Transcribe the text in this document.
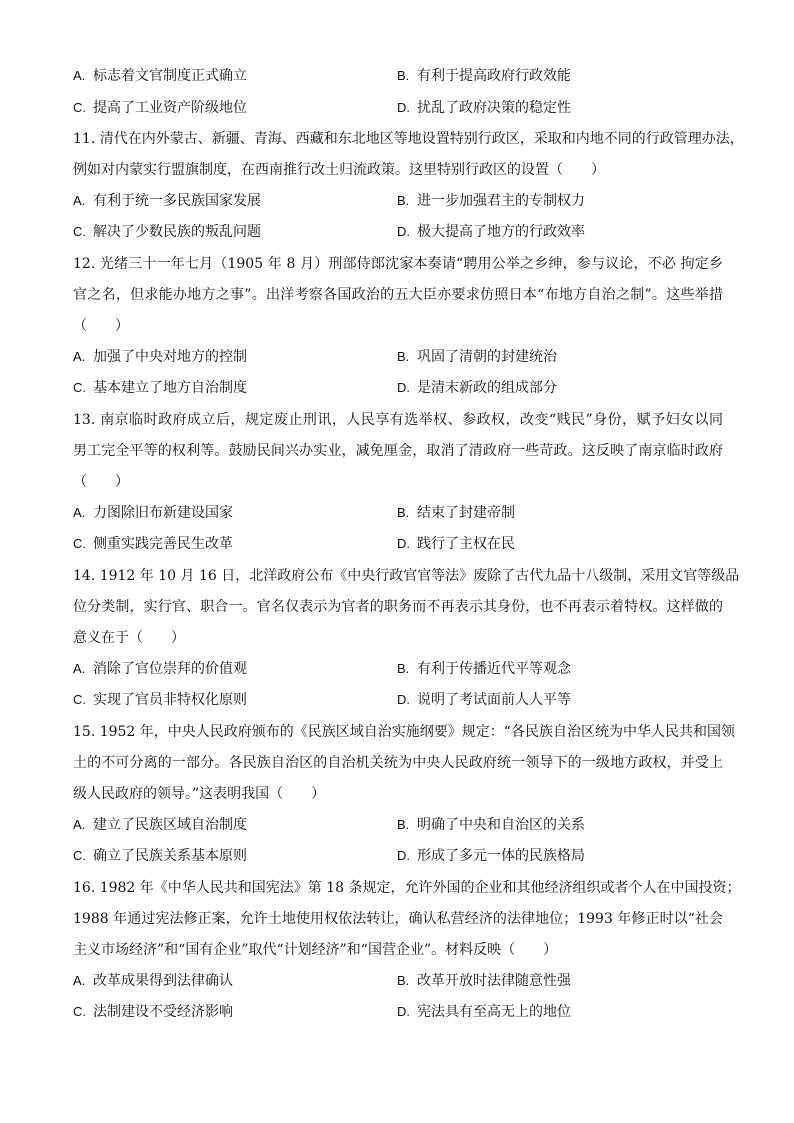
A. 标志着文官制度正式确立	B. 有利于提高政府行政效能
C. 提高了工业资产阶级地位	D. 扰乱了政府决策的稳定性
11. 清代在内外蒙古、新疆、青海、西藏和东北地区等地设置特别行政区，采取和内地不同的行政管理办法，
例如对内蒙实行盟旗制度，在西南推行改土归流政策。这里特别行政区的设置（　　）
A. 有利于统一多民族国家发展	B. 进一步加强君主的专制权力
C. 解决了少数民族的叛乱问题	D. 极大提高了地方的行政效率
12. 光绪三十一年七月（1905 年 8 月）刑部侍郎沈家本奏请“聘用公举之乡绅，参与议论，不必 拘定乡
官之名，但求能办地方之事”。出洋考察各国政治的五大臣亦要求仿照日本“布地方自治之制”。这些举措
（　　）
A. 加强了中央对地方的控制	B. 巩固了清朝的封建统治
C. 基本建立了地方自治制度	D. 是清末新政的组成部分
13. 南京临时政府成立后，规定废止刑讯，人民享有选举权、参政权，改变“贱民”身份，赋予妇女以同
男工完全平等的权利等。鼓励民间兴办实业，减免厘金，取消了清政府一些苛政。这反映了南京临时政府
（　　）
A. 力图除旧布新建设国家	B. 结束了封建帝制
C. 侧重实践完善民生改革	D. 践行了主权在民
14. 1912 年 10 月 16 日，北洋政府公布《中央行政官官等法》废除了古代九品十八级制，采用文官等级品
位分类制，实行官、职合一。官名仅表示为官者的职务而不再表示其身份，也不再表示着特权。这样做的
意义在于（　　）
A. 消除了官位崇拜的价值观	B. 有利于传播近代平等观念
C. 实现了官员非特权化原则	D. 说明了考试面前人人平等
15. 1952 年，中央人民政府颁布的《民族区域自治实施纲要》规定：“各民族自治区统为中华人民共和国领
土的不可分离的一部分。各民族自治区的自治机关统为中央人民政府统一领导下的一级地方政权，并受上
级人民政府的领导。”这表明我国（　　）
A. 建立了民族区域自治制度	B. 明确了中央和自治区的关系
C. 确立了民族关系基本原则	D. 形成了多元一体的民族格局
16. 1982 年《中华人民共和国宪法》第 18 条规定，允许外国的企业和其他经济组织或者个人在中国投资；
1988 年通过宪法修正案，允许土地使用权依法转让，确认私营经济的法律地位；1993 年修正时以“社会
主义市场经济”和“国有企业”取代“计划经济”和“国营企业”。材料反映（　　）
A. 改革成果得到法律确认	B. 改革开放时法律随意性强
C. 法制建设不受经济影响	D. 宪法具有至高无上的地位
